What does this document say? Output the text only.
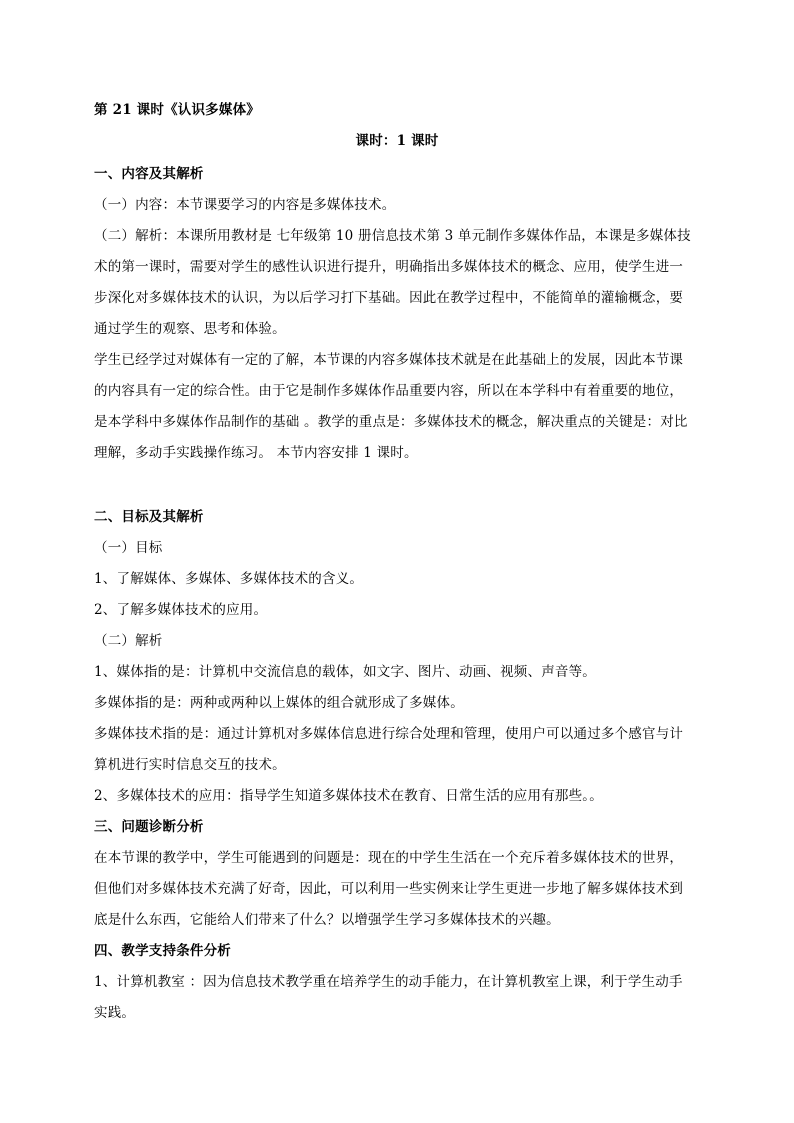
第 21 课时《认识多媒体》
课时：1 课时
一、内容及其解析
（一）内容：本节课要学习的内容是多媒体技术。
（二）解析：本课所用教材是 七年级第 10 册信息技术第 3 单元制作多媒体作品，本课是多媒体技
术的第一课时，需要对学生的感性认识进行提升，明确指出多媒体技术的概念、应用，使学生进一
步深化对多媒体技术的认识，为以后学习打下基础。因此在教学过程中，不能简单的灌输概念，要
通过学生的观察、思考和体验。
学生已经学过对媒体有一定的了解，本节课的内容多媒体技术就是在此基础上的发展，因此本节课
的内容具有一定的综合性。由于它是制作多媒体作品重要内容，所以在本学科中有着重要的地位，
是本学科中多媒体作品制作的基础 。教学的重点是：多媒体技术的概念，解决重点的关键是：对比
理解，多动手实践操作练习。 本节内容安排 1 课时。
二、目标及其解析
（一）目标
1、了解媒体、多媒体、多媒体技术的含义。
2、了解多媒体技术的应用。
（二）解析
1、媒体指的是：计算机中交流信息的载体，如文字、图片、动画、视频、声音等。
多媒体指的是：两种或两种以上媒体的组合就形成了多媒体。
多媒体技术指的是：通过计算机对多媒体信息进行综合处理和管理，使用户可以通过多个感官与计
算机进行实时信息交互的技术。
2、多媒体技术的应用：指导学生知道多媒体技术在教育、日常生活的应用有那些。。
三、问题诊断分析
在本节课的教学中，学生可能遇到的问题是：现在的中学生生活在一个充斥着多媒体技术的世界，
但他们对多媒体技术充满了好奇，因此，可以利用一些实例来让学生更进一步地了解多媒体技术到
底是什么东西，它能给人们带来了什么？以增强学生学习多媒体技术的兴趣。
四、教学支持条件分析
1、计算机教室 ：因为信息技术教学重在培养学生的动手能力，在计算机教室上课，利于学生动手
实践。
